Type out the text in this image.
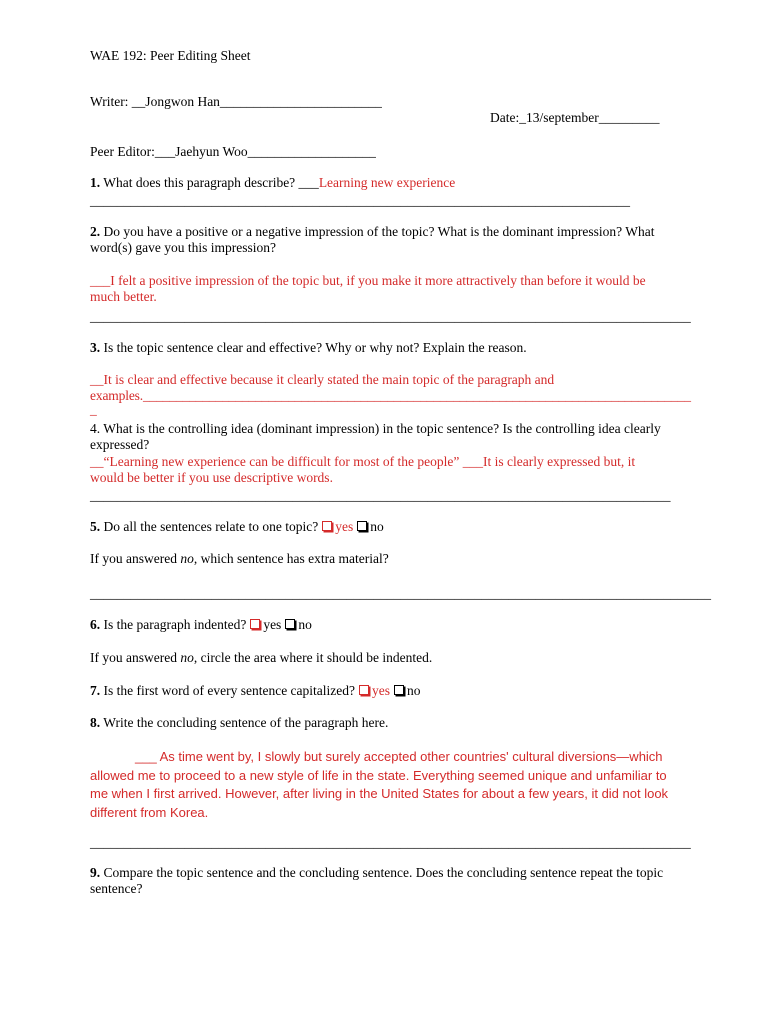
WAE 192: Peer Editing Sheet
Writer: __Jongwon Han________________________
Date:_13/september_________
Peer Editor:___Jaehyun Woo___________________
1. What does this paragraph describe? ___Learning new experience
________________________________________________________________________________
2. Do you have a positive or a negative impression of the topic? What is the dominant impression? What word(s) gave you this impression?
___I felt a positive impression of the topic but, if you make it more attractively than before it would be much better.
_________________________________________________________________________________________
3. Is the topic sentence clear and effective? Why or why not? Explain the reason.
__It is clear and effective because it clearly stated the main topic of the paragraph and
examples.___________________________________________________________________________________
_
4. What is the controlling idea (dominant impression) in the topic sentence? Is the controlling idea clearly expressed?
__“Learning new experience can be difficult for most of the people” ___It is clearly expressed but, it would be better if you use descriptive words.
______________________________________________________________________________________
5. Do all the sentences relate to one topic? yes no
If you answered no, which sentence has extra material?
____________________________________________________________________________________________
6. Is the paragraph indented? yes no
If you answered no, circle the area where it should be indented.
7. Is the first word of every sentence capitalized? yes no
8. Write the concluding sentence of the paragraph here.
___ As time went by, I slowly but surely accepted other countries' cultural diversions—which allowed me to proceed to a new style of life in the state. Everything seemed unique and unfamiliar to me when I first arrived. However, after living in the United States for about a few years, it did not look different from Korea.
_________________________________________________________________________________________
9. Compare the topic sentence and the concluding sentence. Does the concluding sentence repeat the topic sentence?
